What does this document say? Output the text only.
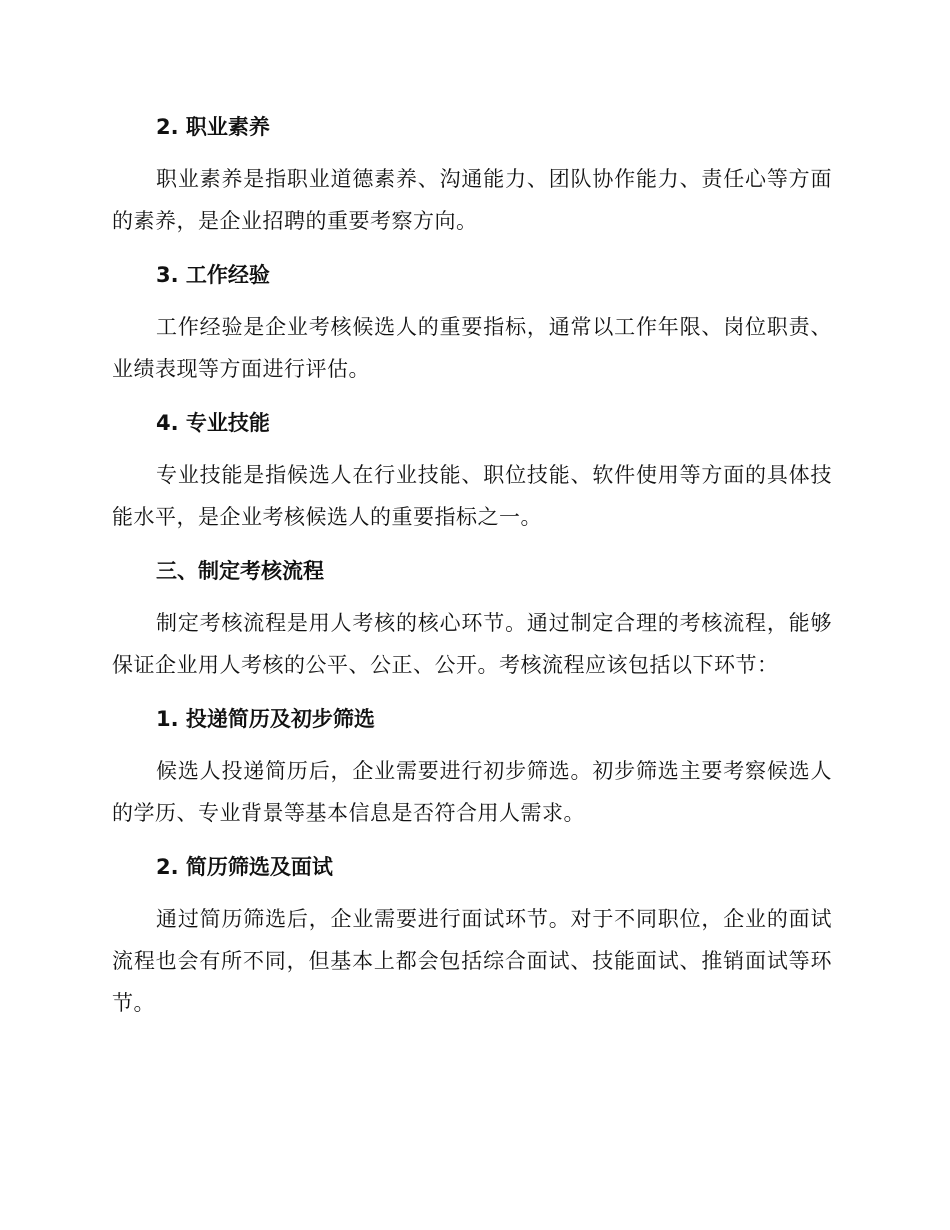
2. 职业素养

职业素养是指职业道德素养、沟通能力、团队协作能力、责任心等方面的素养，是企业招聘的重要考察方向。

3. 工作经验

工作经验是企业考核候选人的重要指标，通常以工作年限、岗位职责、业绩表现等方面进行评估。

4. 专业技能

专业技能是指候选人在行业技能、职位技能、软件使用等方面的具体技能水平，是企业考核候选人的重要指标之一。

三、制定考核流程

制定考核流程是用人考核的核心环节。通过制定合理的考核流程，能够保证企业用人考核的公平、公正、公开。考核流程应该包括以下环节：

1. 投递简历及初步筛选

候选人投递简历后，企业需要进行初步筛选。初步筛选主要考察候选人的学历、专业背景等基本信息是否符合用人需求。

2. 简历筛选及面试

通过简历筛选后，企业需要进行面试环节。对于不同职位，企业的面试流程也会有所不同，但基本上都会包括综合面试、技能面试、推销面试等环节。
